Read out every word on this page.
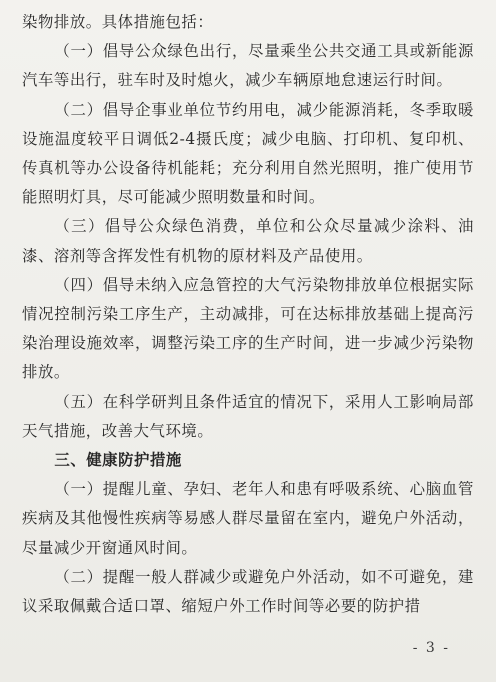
染物排放。具体措施包括：

（一）倡导公众绿色出行，尽量乘坐公共交通工具或新能源汽车等出行，驻车时及时熄火，减少车辆原地怠速运行时间。

（二）倡导企事业单位节约用电，减少能源消耗，冬季取暖设施温度较平日调低2-4摄氏度；减少电脑、打印机、复印机、传真机等办公设备待机能耗；充分利用自然光照明，推广使用节能照明灯具，尽可能减少照明数量和时间。

（三）倡导公众绿色消费，单位和公众尽量减少涂料、油漆、溶剂等含挥发性有机物的原材料及产品使用。

（四）倡导未纳入应急管控的大气污染物排放单位根据实际情况控制污染工序生产，主动减排，可在达标排放基础上提高污染治理设施效率，调整污染工序的生产时间，进一步减少污染物排放。

（五）在科学研判且条件适宜的情况下，采用人工影响局部天气措施，改善大气环境。

三、健康防护措施

（一）提醒儿童、孕妇、老年人和患有呼吸系统、心脑血管疾病及其他慢性疾病等易感人群尽量留在室内，避免户外活动，尽量减少开窗通风时间。

（二）提醒一般人群减少或避免户外活动，如不可避免，建议采取佩戴合适口罩、缩短户外工作时间等必要的防护措

- 3 -
